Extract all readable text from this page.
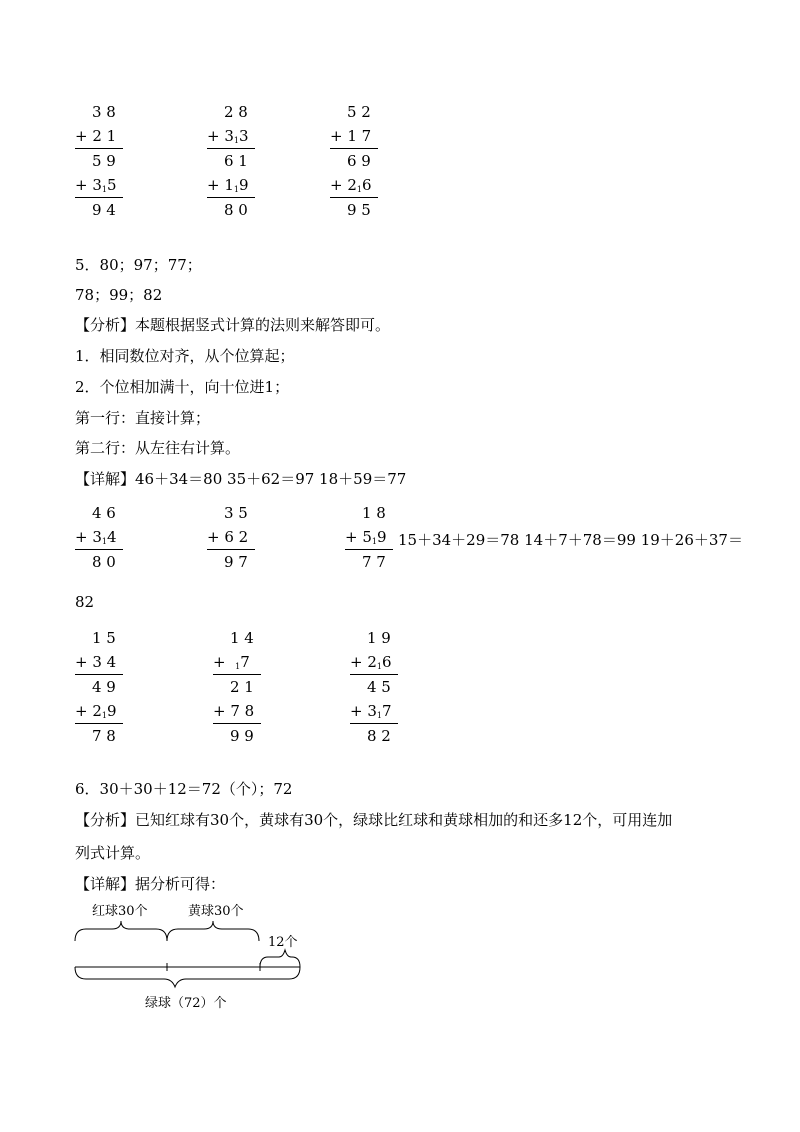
3 8
+ 2 1
5 9
+ 315
9 4
2 8
+ 313
6 1
+ 119
8 0
5 2
+ 1 7
6 9
+ 216
9 5
5．80；97；77；
78；99；82
【分析】本题根据竖式计算的法则来解答即可。
1．相同数位对齐，从个位算起；
2．个位相加满十，向十位进1；
第一行：直接计算；
第二行：从左往右计算。
【详解】46＋34＝80 35＋62＝97 18＋59＝77
4 6
+ 314
8 0
3 5
+ 6 2
9 7
1 8
+ 519
7 7
15＋34＋29＝78 14＋7＋78＝99 19＋26＋37＝
82
1 5
+ 3 4
4 9
+ 219
7 8
1 4
+  17
2 1
+ 7 8
9 9
1 9
+ 216
4 5
+ 317
8 2
6．30＋30＋12＝72（个）；72
【分析】已知红球有30个，黄球有30个，绿球比红球和黄球相加的和还多12个，可用连加
列式计算。
【详解】据分析可得：
红球30个	黄球30个
12个
绿球（72）个
